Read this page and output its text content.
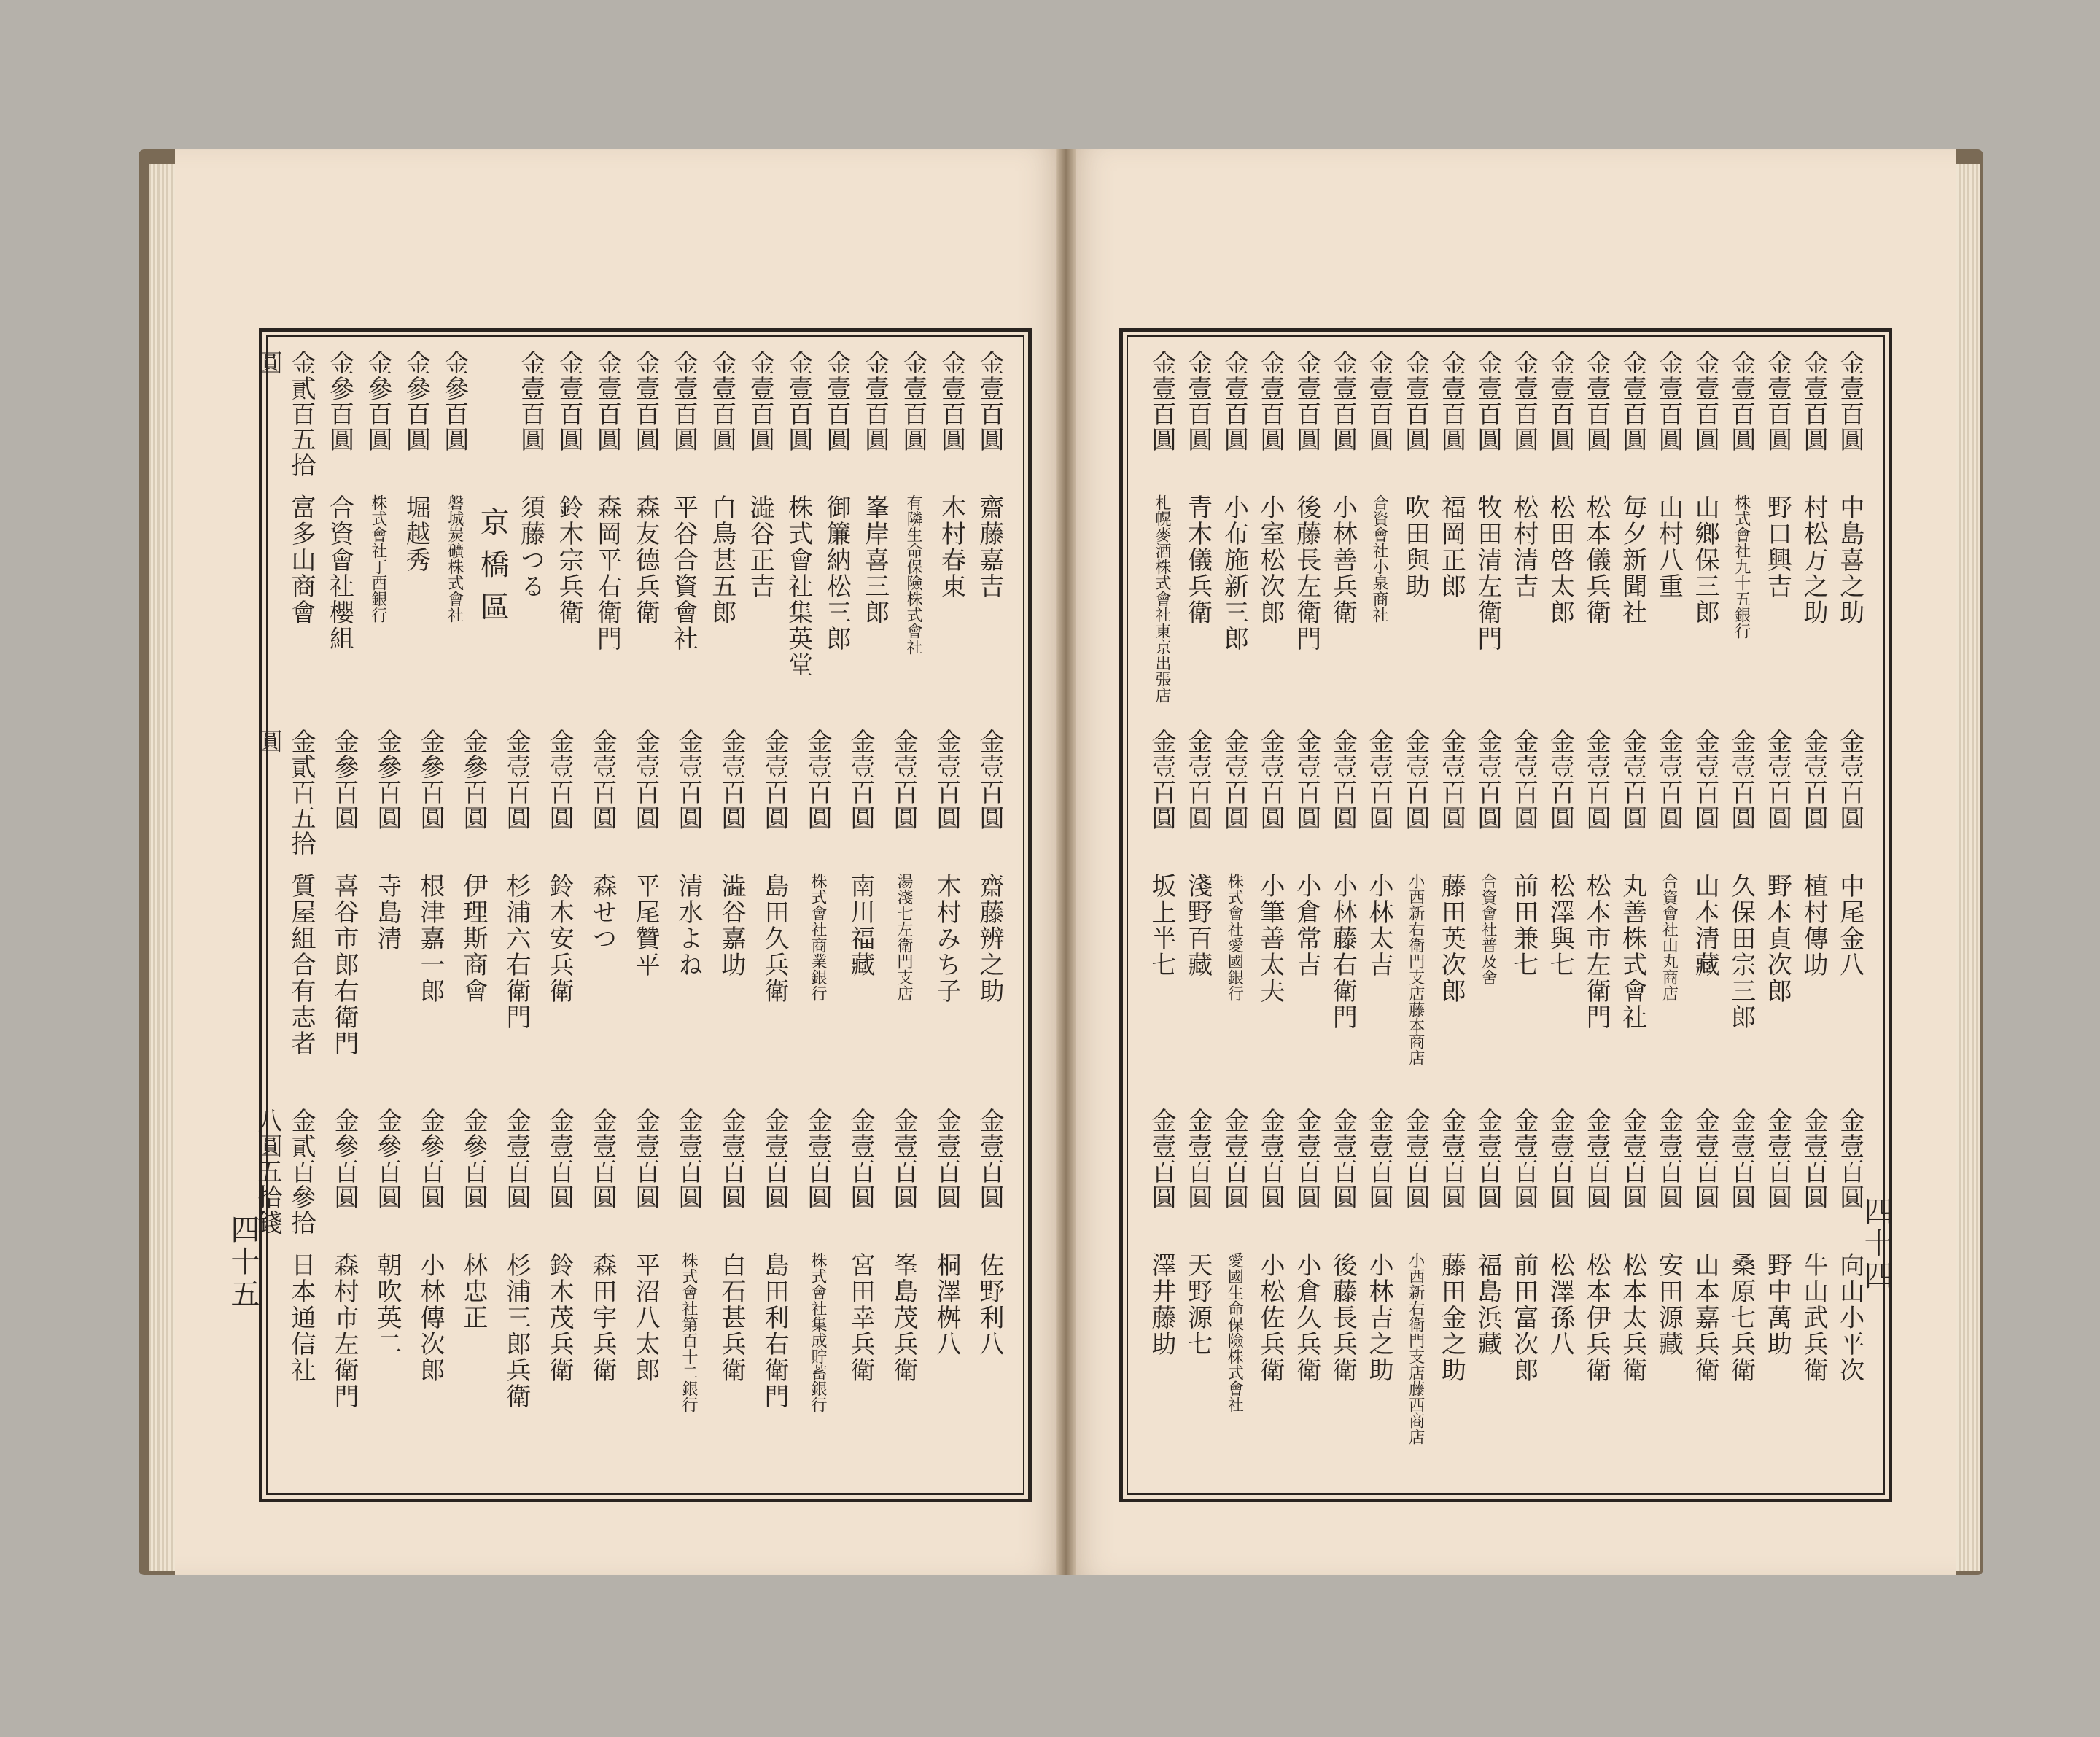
金壹百圓
齋藤嘉吉
金壹百圓
木村春東
金壹百圓
有隣生命保險株式會社
金壹百圓
峯岸喜三郎
金壹百圓
御簾納松三郎
金壹百圓
株式會社集英堂
金壹百圓
澁谷正吉
金壹百圓
白鳥甚五郎
金壹百圓
平谷合資會社
金壹百圓
森友德兵衛
金壹百圓
森岡平右衛門
金壹百圓
鈴木宗兵衛
金壹百圓
須藤つる
京橋區
金參百圓
磐城炭礦株式會社
金參百圓
堀越秀
金參百圓
株式會社丁酉銀行
金參百圓
合資會社櫻組
金貳百五拾圓
富多山商會
金壹百圓
齋藤辨之助
金壹百圓
木村みち子
金壹百圓
湯淺七左衛門支店
金壹百圓
南川福藏
金壹百圓
株式會社商業銀行
金壹百圓
島田久兵衛
金壹百圓
澁谷嘉助
金壹百圓
清水よね
金壹百圓
平尾贊平
金壹百圓
森せつ
金壹百圓
鈴木安兵衛
金壹百圓
杉浦六右衛門
金參百圓
伊理斯商會
金參百圓
根津嘉一郎
金參百圓
寺島清
金參百圓
喜谷市郎右衛門
金貳百五拾圓
質屋組合有志者
金壹百圓
佐野利八
金壹百圓
桐澤桝八
金壹百圓
峯島茂兵衛
金壹百圓
宮田幸兵衛
金壹百圓
株式會社集成貯蓄銀行
金壹百圓
島田利右衛門
金壹百圓
白石甚兵衛
金壹百圓
株式會社第百十二銀行
金壹百圓
平沼八太郎
金壹百圓
森田宇兵衛
金壹百圓
鈴木茂兵衛
金壹百圓
杉浦三郎兵衛
金參百圓
林忠正
金參百圓
小林傳次郎
金參百圓
朝吹英二
金參百圓
森村市左衛門
金貳百參拾八圓五拾錢
日本通信社
金壹百圓
中島喜之助
金壹百圓
村松万之助
金壹百圓
野口興吉
金壹百圓
株式會社九十五銀行
金壹百圓
山鄉保三郎
金壹百圓
山村八重
金壹百圓
毎夕新聞社
金壹百圓
松本儀兵衛
金壹百圓
松田啓太郎
金壹百圓
松村清吉
金壹百圓
牧田清左衛門
金壹百圓
福岡正郎
金壹百圓
吹田與助
金壹百圓
合資會社小泉商社
金壹百圓
小林善兵衛
金壹百圓
後藤長左衛門
金壹百圓
小室松次郎
金壹百圓
小布施新三郎
金壹百圓
青木儀兵衛
金壹百圓
札幌麥酒株式會社東京出張店
金壹百圓
中尾金八
金壹百圓
植村傳助
金壹百圓
野本貞次郎
金壹百圓
久保田宗三郎
金壹百圓
山本清藏
金壹百圓
合資會社山丸商店
金壹百圓
丸善株式會社
金壹百圓
松本市左衛門
金壹百圓
松澤與七
金壹百圓
前田兼七
金壹百圓
合資會社普及舍
金壹百圓
藤田英次郎
金壹百圓
小西新右衛門支店藤本商店
金壹百圓
小林太吉
金壹百圓
小林藤右衛門
金壹百圓
小倉常吉
金壹百圓
小筆善太夫
金壹百圓
株式會社愛國銀行
金壹百圓
淺野百藏
金壹百圓
坂上半七
金壹百圓
向山小平次
金壹百圓
牛山武兵衛
金壹百圓
野中萬助
金壹百圓
桑原七兵衛
金壹百圓
山本嘉兵衛
金壹百圓
安田源藏
金壹百圓
松本太兵衛
金壹百圓
松本伊兵衛
金壹百圓
松澤孫八
金壹百圓
前田富次郎
金壹百圓
福島浜藏
金壹百圓
藤田金之助
金壹百圓
小西新右衛門支店藤西商店
金壹百圓
小林吉之助
金壹百圓
後藤長兵衛
金壹百圓
小倉久兵衛
金壹百圓
小松佐兵衛
金壹百圓
愛國生命保險株式會社
金壹百圓
天野源七
金壹百圓
澤井藤助
四十五	四十四
